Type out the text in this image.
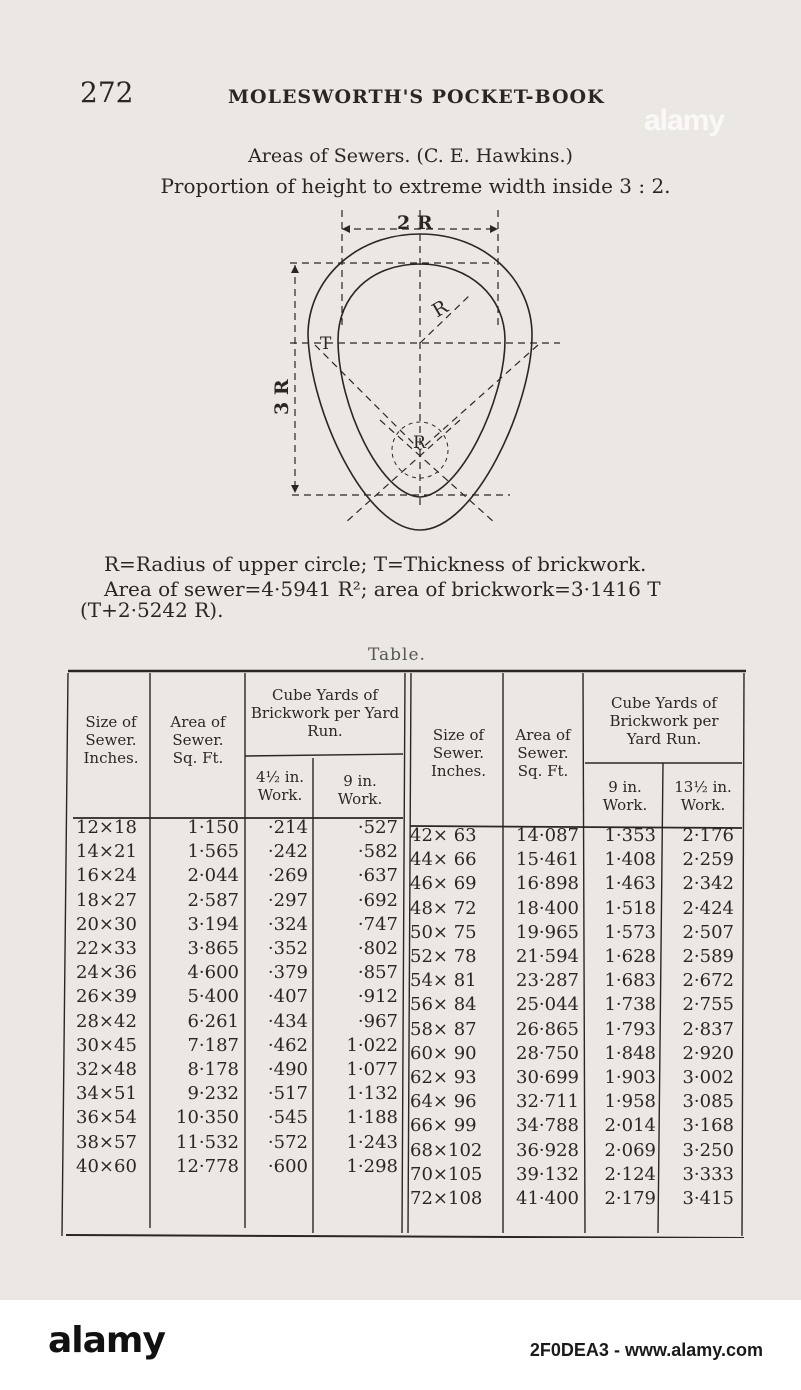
alamy
272	MOLESWORTH'S POCKET-BOOK
Areas of Sewers. (C. E. Hawkins.)
Proportion of height to extreme width inside 3 : 2.
2 R
3 R
R
T
R
R=Radius of upper circle; T=Thickness of brickwork.
Area of sewer=4·5941 R²; area of brickwork=3·1416 T
(T+2·5242 R).
Table.
Size of Sewer. Inches.
Area of Sewer. Sq. Ft.
Cube Yards of Brickwork per Yard Run.
4½ in. Work.
9 in. Work.
Size of Sewer. Inches.
Area of Sewer. Sq. Ft.
Cube Yards of Brickwork per Yard Run.
9 in. Work.
13½ in. Work.
12×18	1·150	·214	·527
14×21	1·565	·242	·582
16×24	2·044	·269	·637
18×27	2·587	·297	·692
20×30	3·194	·324	·747
22×33	3·865	·352	·802
24×36	4·600	·379	·857
26×39	5·400	·407	·912
28×42	6·261	·434	·967
30×45	7·187	·462	1·022
32×48	8·178	·490	1·077
34×51	9·232	·517	1·132
36×54	10·350	·545	1·188
38×57	11·532	·572	1·243
40×60	12·778	·600	1·298
42× 63	14·087	1·353	2·176
44× 66	15·461	1·408	2·259
46× 69	16·898	1·463	2·342
48× 72	18·400	1·518	2·424
50× 75	19·965	1·573	2·507
52× 78	21·594	1·628	2·589
54× 81	23·287	1·683	2·672
56× 84	25·044	1·738	2·755
58× 87	26·865	1·793	2·837
60× 90	28·750	1·848	2·920
62× 93	30·699	1·903	3·002
64× 96	32·711	1·958	3·085
66× 99	34·788	2·014	3·168
68×102	36·928	2·069	3·250
70×105	39·132	2·124	3·333
72×108	41·400	2·179	3·415
alamy	2F0DEA3 - www.alamy.com
